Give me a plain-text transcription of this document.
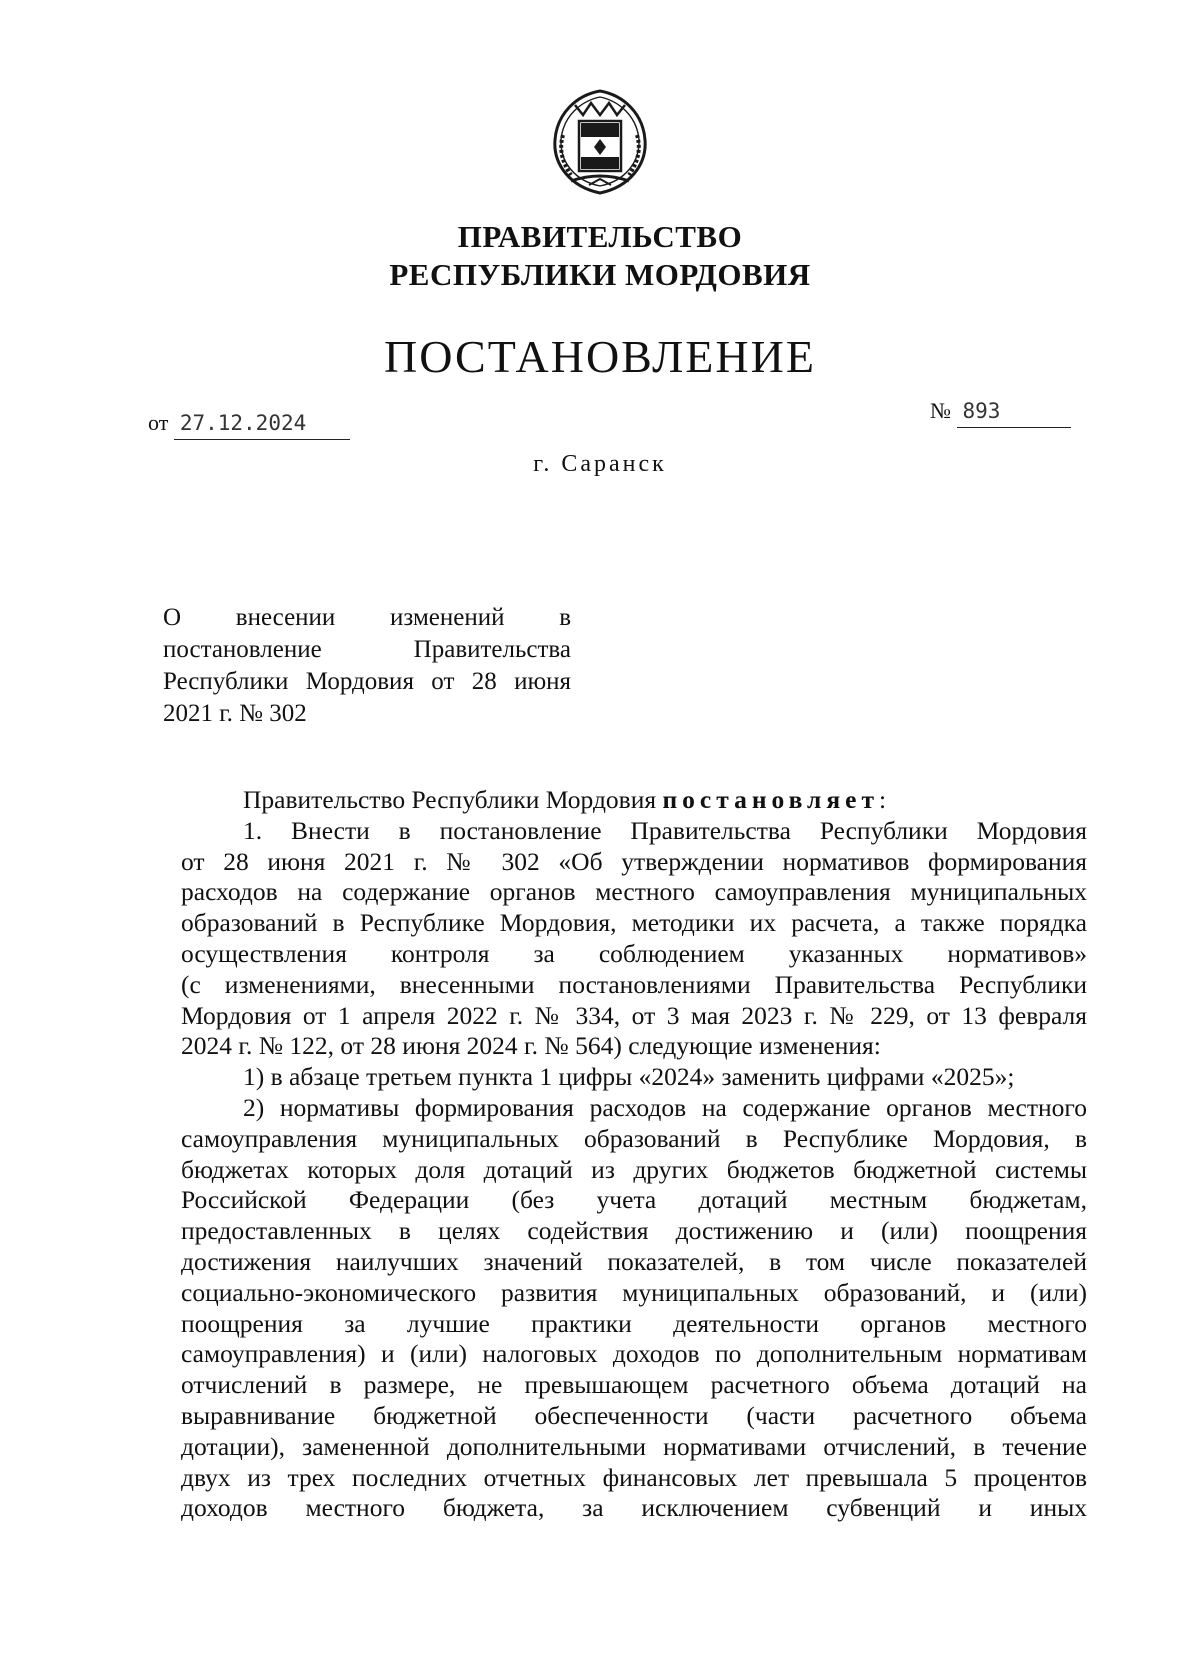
ПРАВИТЕЛЬСТВО
РЕСПУБЛИКИ МОРДОВИЯ
ПОСТАНОВЛЕНИЕ
от 27.12.2024	№ 893
г. Саранск
О внесении изменений в
постановление Правительства
Республики Мордовия от 28 июня
2021 г. № 302
Правительство Республики Мордовия постановляет:
1. Внести в постановление Правительства Республики Мордовия
от 28 июня 2021 г. № 302 «Об утверждении нормативов формирования
расходов на содержание органов местного самоуправления муниципальных
образований в Республике Мордовия, методики их расчета, а также порядка
осуществления контроля за соблюдением указанных нормативов»
(с изменениями, внесенными постановлениями Правительства Республики
Мордовия от 1 апреля 2022 г. № 334, от 3 мая 2023 г. № 229, от 13 февраля
2024 г. № 122, от 28 июня 2024 г. № 564) следующие изменения:
1) в абзаце третьем пункта 1 цифры «2024» заменить цифрами «2025»;
2) нормативы формирования расходов на содержание органов местного
самоуправления муниципальных образований в Республике Мордовия, в
бюджетах которых доля дотаций из других бюджетов бюджетной системы
Российской Федерации (без учета дотаций местным бюджетам,
предоставленных в целях содействия достижению и (или) поощрения
достижения наилучших значений показателей, в том числе показателей
социально-экономического развития муниципальных образований, и (или)
поощрения за лучшие практики деятельности органов местного
самоуправления) и (или) налоговых доходов по дополнительным нормативам
отчислений в размере, не превышающем расчетного объема дотаций на
выравнивание бюджетной обеспеченности (части расчетного объема
дотации), замененной дополнительными нормативами отчислений, в течение
двух из трех последних отчетных финансовых лет превышала 5 процентов
доходов местного бюджета, за исключением субвенций и иных
